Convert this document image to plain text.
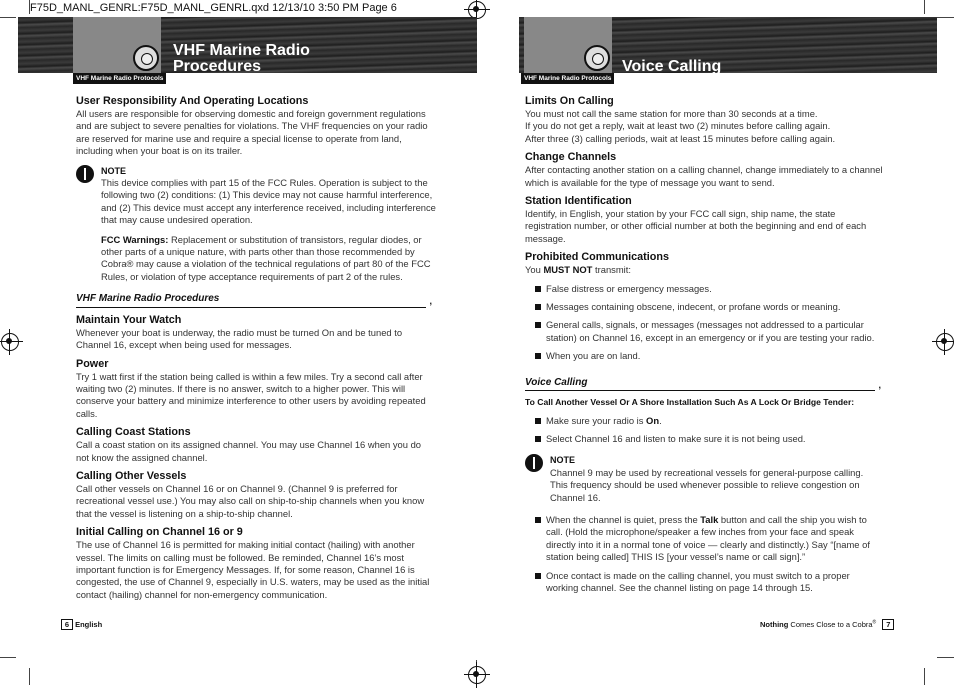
F75D_MANL_GENRL:F75D_MANL_GENRL.qxd 12/13/10 3:50 PM Page 6
VHF Marine Radio
Procedures
VHF Marine Radio Protocols
Voice Calling
VHF Marine Radio Protocols
User Responsibility And Operating Locations

All users are responsible for observing domestic and foreign government regulations and are subject to severe penalties for violations. The VHF frequencies on your radio are reserved for marine use and require a special license to operate from land, including when your boat is on its trailer.

NOTE

This device complies with part 15 of the FCC Rules. Operation is subject to the following two (2) conditions: (1) This device may not cause harmful interference, and (2) This device must accept any interference received, including interference that may cause undesired operation.

FCC Warnings: Replacement or substitution of transistors, regular diodes, or other parts of a unique nature, with parts other than those recommended by Cobra® may cause a violation of the technical regulations of part 80 of the FCC Rules, or violation of type acceptance requirements of part 2 of the rules.

VHF Marine Radio Procedures	,
Maintain Your Watch

Whenever your boat is underway, the radio must be turned On and be tuned to Channel 16, except when being used for messages.

Power

Try 1 watt first if the station being called is within a few miles. Try a second call after waiting two (2) minutes. If there is no answer, switch to a higher power. This will conserve your battery and minimize interference to other users by avoiding repeated calls.

Calling Coast Stations

Call a coast station on its assigned channel. You may use Channel 16 when you do not know the assigned channel.

Calling Other Vessels

Call other vessels on Channel 16 or on Channel 9. (Channel 9 is preferred for recreational vessel use.) You may also call on ship-to-ship channels when you know that the vessel is listening on a ship-to-ship channel.

Initial Calling on Channel 16 or 9

The use of Channel 16 is permitted for making initial contact (hailing) with another vessel. The limits on calling must be followed. Be reminded, Channel 16’s most important function is for Emergency Messages. If, for some reason, Channel 16 is congested, the use of Channel 9, especially in U.S. waters, may be used as the initial contact (hailing) channel for non-emergency communication.

6 English
Limits On Calling

You must not call the same station for more than 30 seconds at a time.

If you do not get a reply, wait at least two (2) minutes before calling again.

After three (3) calling periods, wait at least 15 minutes before calling again.

Change Channels

After contacting another station on a calling channel, change immediately to a channel which is available for the type of message you want to send.

Station Identification

Identify, in English, your station by your FCC call sign, ship name, the state registration number, or other official number at both the beginning and end of each message.

Prohibited Communications

You MUST NOT transmit:

False distress or emergency messages.
Messages containing obscene, indecent, or profane words or meaning.
General calls, signals, or messages (messages not addressed to a particular station) on Channel 16, except in an emergency or if you are testing your radio.
When you are on land.
Voice Calling	,

To Call Another Vessel Or A Shore Installation Such As A Lock Or Bridge Tender:

Make sure your radio is On.
Select Channel 16 and listen to make sure it is not being used.
NOTE

Channel 9 may be used by recreational vessels for general-purpose calling. This frequency should be used whenever possible to relieve congestion on Channel 16.

When the channel is quiet, press the Talk button and call the ship you wish to call. (Hold the microphone/speaker a few inches from your face and speak directly into it in a normal tone of voice — clearly and distinctly.) Say “[name of station being called] THIS IS [your vessel’s name or call sign].”
Once contact is made on the calling channel, you must switch to a proper working channel. See the channel listing on page 14 through 15.
Nothing Comes Close to a Cobra® 7
